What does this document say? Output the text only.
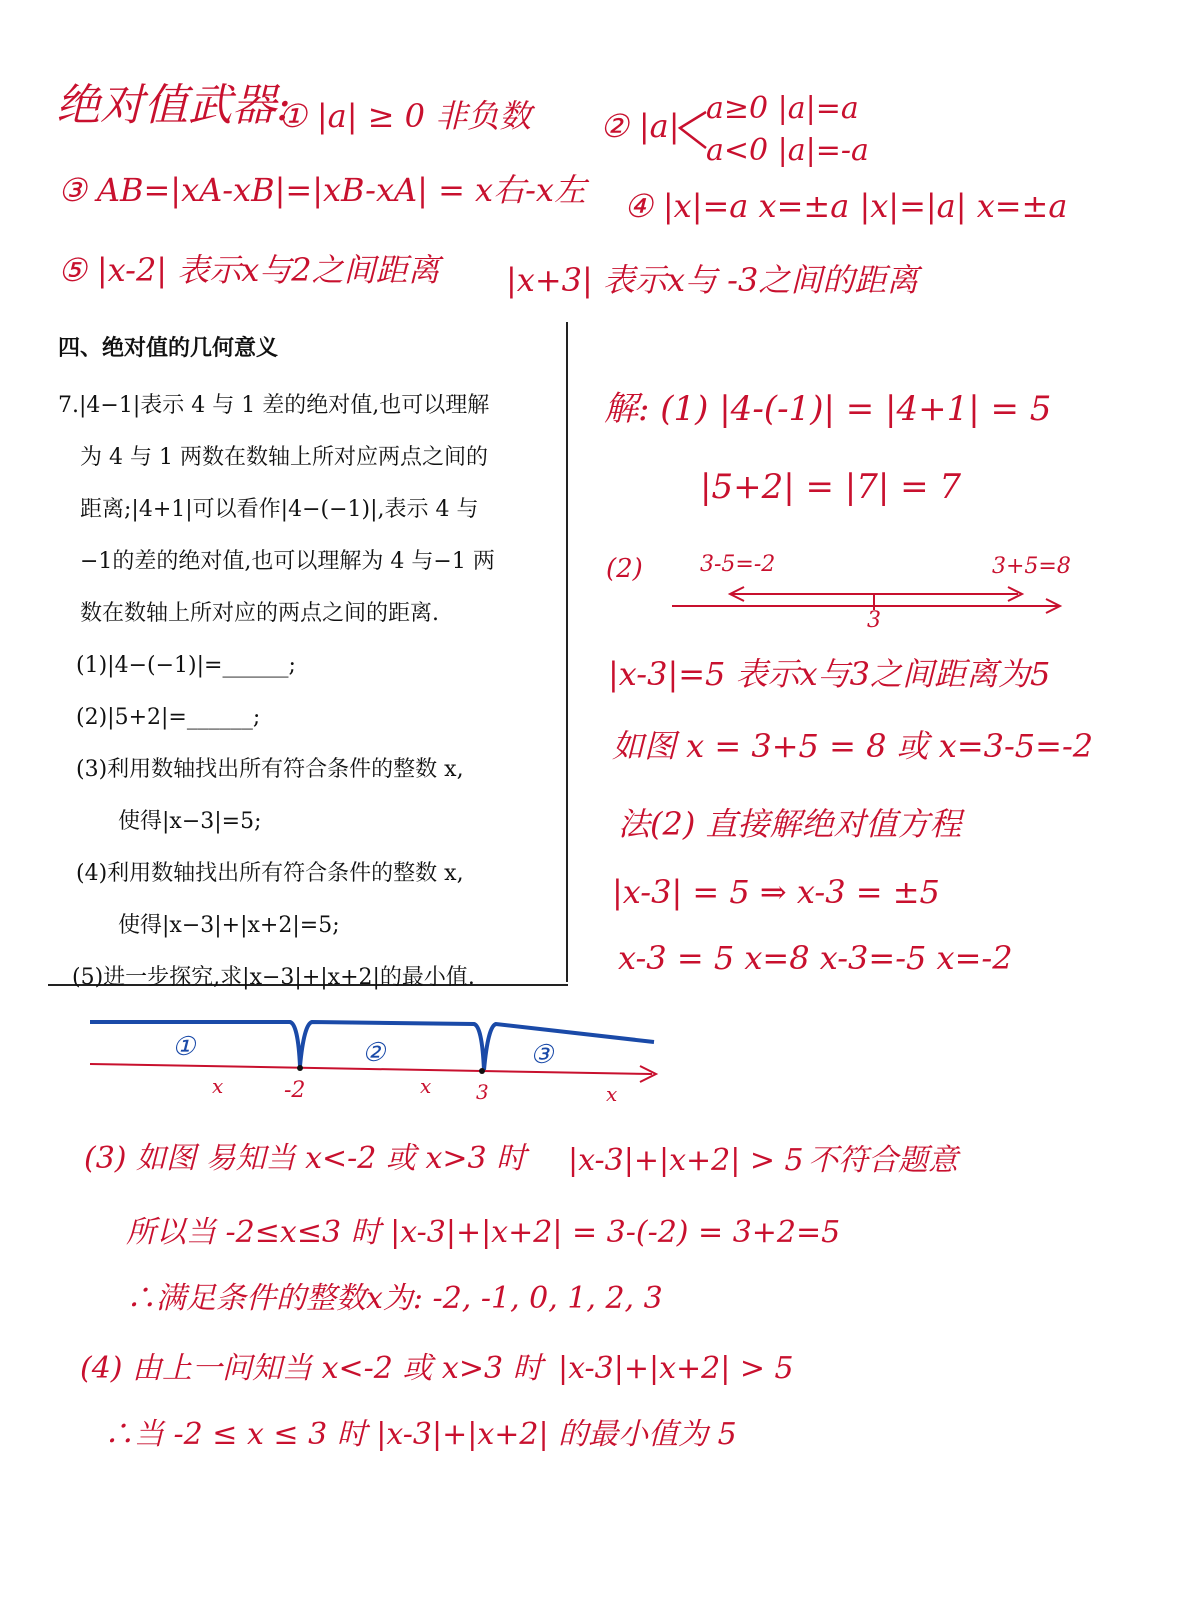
绝对值武器:
① |a| ≥ 0 非负数 ② |a| a≥0 |a|=a
a<0 |a|=-a
③ AB=|xA-xB|=|xB-xA| = x右-x左 ④ |x|=a x=±a |x|=|a| x=±a
⑤ |x-2| 表示x与2之间距离 |x+3| 表示x与 -3之间的距离
四、绝对值的几何意义
7.|4−1|表示 4 与 1 差的绝对值,也可以理解
为 4 与 1 两数在数轴上所对应两点之间的
距离;|4+1|可以看作|4−(−1)|,表示 4 与
−1的差的绝对值,也可以理解为 4 与−1 两
数在数轴上所对应的两点之间的距离.
(1)|4−(−1)|=______;
(2)|5+2|=______;
(3)利用数轴找出所有符合条件的整数 x,
使得|x−3|=5;
(4)利用数轴找出所有符合条件的整数 x,
使得|x−3|+|x+2|=5;
(5)进一步探究,求|x−3|+|x+2|的最小值.
解: (1) |4-(-1)| = |4+1| = 5
|5+2| = |7| = 7
(2)	3-5=-2	3+5=8
3
|x-3|=5 表示x与3之间距离为5
如图 x = 3+5 = 8 或 x=3-5=-2
法(2) 直接解绝对值方程
|x-3| = 5 ⇒ x-3 = ±5
x-3 = 5 x=8 x-3=-5 x=-2
①	②	③
x	-2	x 3	x
(3) 如图 易知当 x<-2 或 x>3 时 |x-3|+|x+2| > 5 不符合题意
所以当 -2≤x≤3 时 |x-3|+|x+2| = 3-(-2) = 3+2=5
∴满足条件的整数x为: -2, -1, 0, 1, 2, 3
(4) 由上一问知当 x<-2 或 x>3 时 |x-3|+|x+2| > 5
∴当 -2 ≤ x ≤ 3 时 |x-3|+|x+2| 的最小值为 5
